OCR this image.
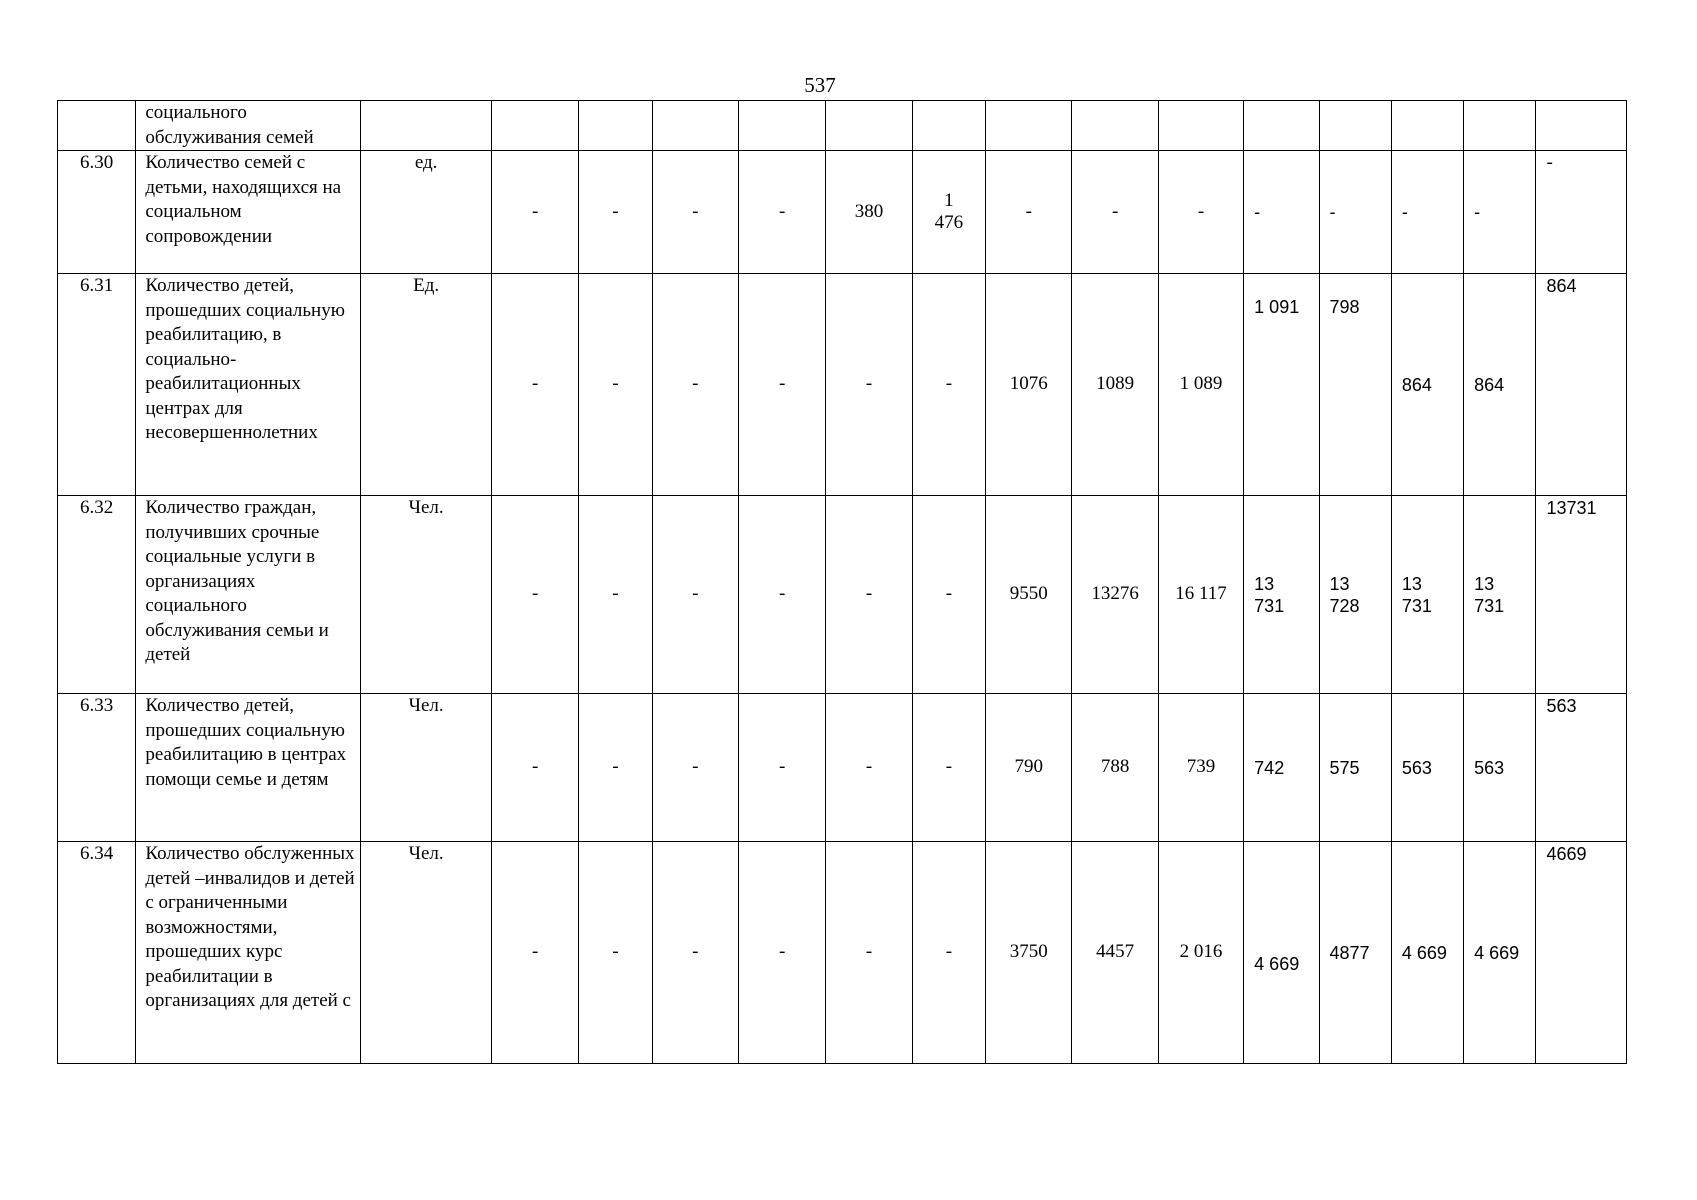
537
	социального обслуживания семей															
6.30	Количество семей с детьми, находящихся на социальном сопровождении	ед.	-	-	-	-	380	1 476	-	-	-	-	-	-	-	-
6.31	Количество детей, прошедших социальную реабилитацию, в социально-реабилитационных центрах для несовершеннолетних	Ед.	-	-	-	-	-	-	1076	1089	1 089	1 091	798	864	864	864
6.32	Количество граждан, получивших срочные социальные услуги в организациях социального обслуживания семьи и детей	Чел.	-	-	-	-	-	-	9550	13276	16 117	13 731	13 728	13 731	13 731	13731
6.33	Количество детей, прошедших социальную реабилитацию в центрах помощи семье и детям	Чел.	-	-	-	-	-	-	790	788	739	742	575	563	563	563
6.34	Количество обслуженных детей –инвалидов и детей с ограниченными возможностями, прошедших курс реабилитации в организациях для детей с	Чел.	-	-	-	-	-	-	3750	4457	2 016	4 669	4877	4 669	4 669	4669
